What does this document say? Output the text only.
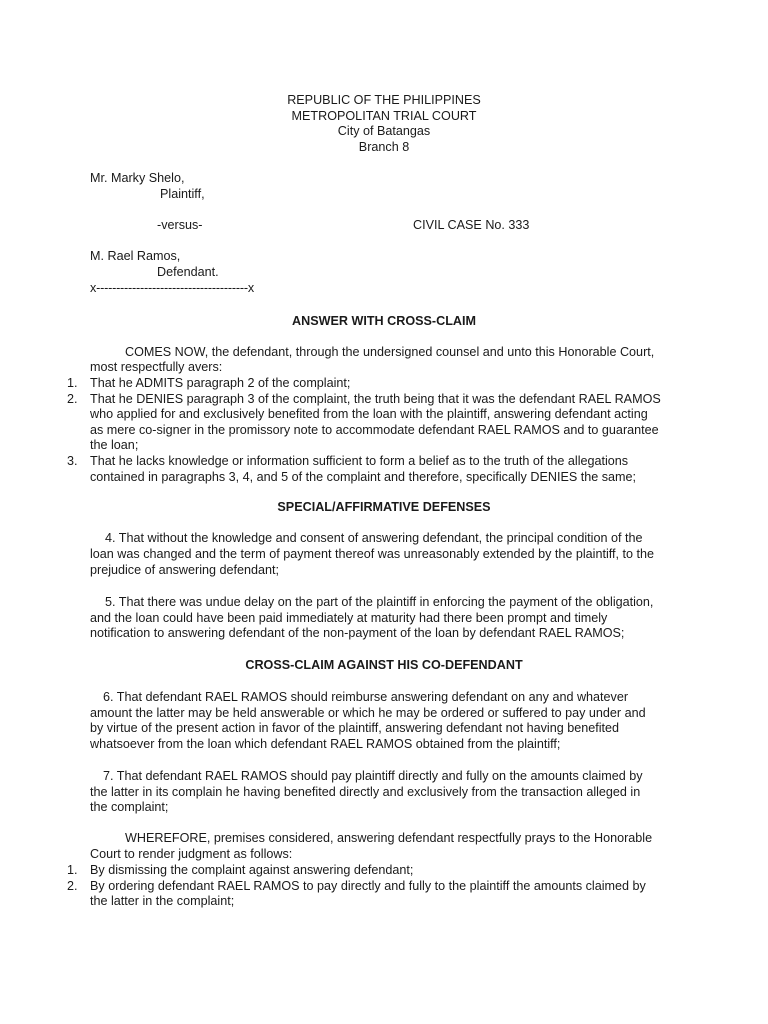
REPUBLIC OF THE PHILIPPINES
METROPOLITAN TRIAL COURT
City of Batangas
Branch 8
Mr. Marky Shelo,
Plaintiff,
-versus-	CIVIL CASE No. 333
M. Rael Ramos,
Defendant.
x--------------------------------------x
ANSWER WITH CROSS-CLAIM
COMES NOW, the defendant, through the undersigned counsel and unto this Honorable Court,
most respectfully avers:
1. That he ADMITS paragraph 2 of the complaint;
2. That he DENIES paragraph 3 of the complaint, the truth being that it was the defendant RAEL RAMOS
who applied for and exclusively benefited from the loan with the plaintiff, answering defendant acting
as mere co-signer in the promissory note to accommodate defendant RAEL RAMOS and to guarantee
the loan;
3. That he lacks knowledge or information sufficient to form a belief as to the truth of the allegations
contained in paragraphs 3, 4, and 5 of the complaint and therefore, specifically DENIES the same;
SPECIAL/AFFIRMATIVE DEFENSES
4. That without the knowledge and consent of answering defendant, the principal condition of the
loan was changed and the term of payment thereof was unreasonably extended by the plaintiff, to the
prejudice of answering defendant;
5. That there was undue delay on the part of the plaintiff in enforcing the payment of the obligation,
and the loan could have been paid immediately at maturity had there been prompt and timely
notification to answering defendant of the non-payment of the loan by defendant RAEL RAMOS;
CROSS-CLAIM AGAINST HIS CO-DEFENDANT
6. That defendant RAEL RAMOS should reimburse answering defendant on any and whatever
amount the latter may be held answerable or which he may be ordered or suffered to pay under and
by virtue of the present action in favor of the plaintiff, answering defendant not having benefited
whatsoever from the loan which defendant RAEL RAMOS obtained from the plaintiff;
7. That defendant RAEL RAMOS should pay plaintiff directly and fully on the amounts claimed by
the latter in its complain he having benefited directly and exclusively from the transaction alleged in
the complaint;
WHEREFORE, premises considered, answering defendant respectfully prays to the Honorable
Court to render judgment as follows:
1. By dismissing the complaint against answering defendant;
2. By ordering defendant RAEL RAMOS to pay directly and fully to the plaintiff the amounts claimed by
the latter in the complaint;
